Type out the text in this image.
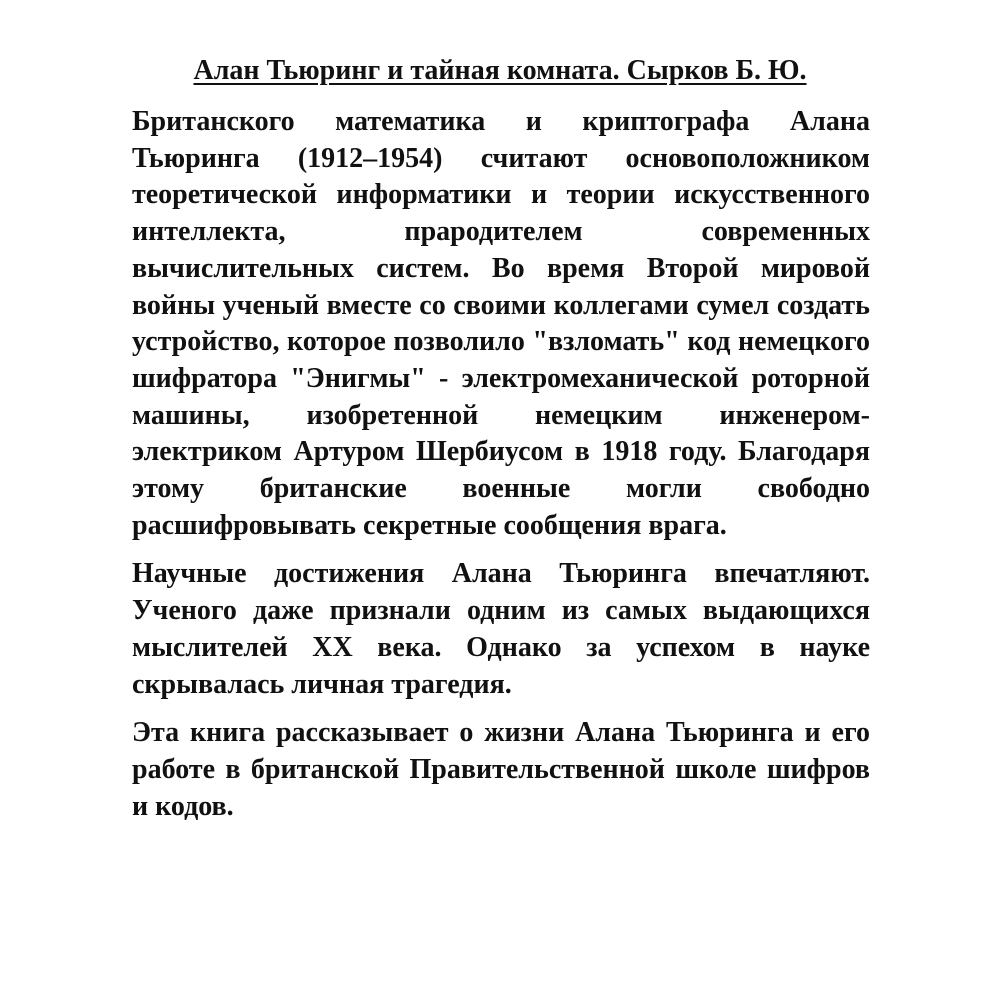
Алан Тьюринг и тайная комната. Сырков Б. Ю.

Британского математика и криптографа Алана Тьюринга (1912–1954) считают основоположником теоретической информатики и теории искусственного интеллекта, прародителем современных вычислительных систем. Во время Второй мировой войны ученый вместе со своими коллегами сумел создать устройство, которое позволило "взломать" код немецкого шифратора "Энигмы" - электромеханической роторной машины, изобретенной немецким инженером-электриком Артуром Шербиусом в 1918 году. Благодаря этому британские военные могли свободно расшифровывать секретные сообщения врага.

Научные достижения Алана Тьюринга впечатляют. Ученого даже признали одним из самых выдающихся мыслителей XX века. Однако за успехом в науке скрывалась личная трагедия.

Эта книга рассказывает о жизни Алана Тьюринга и его работе в британской Правительственной школе шифров и кодов.
